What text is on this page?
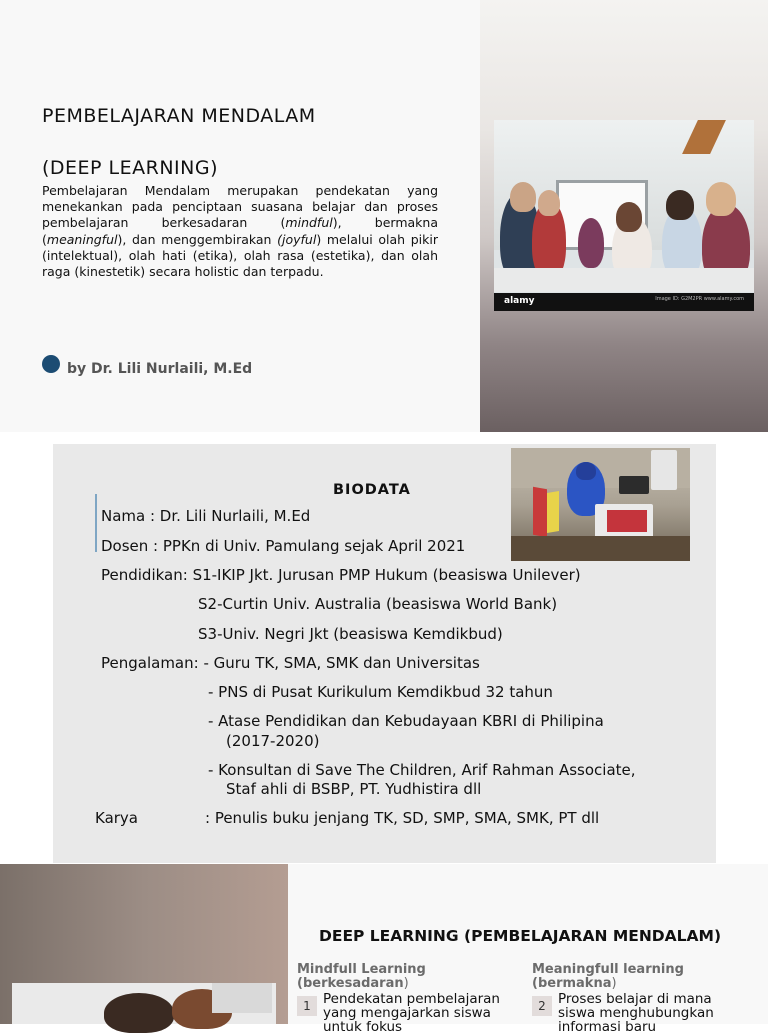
PEMBELAJARAN MENDALAM
(DEEP LEARNING)

Pembelajaran Mendalam merupakan pendekatan yang menekankan pada penciptaan suasana belajar dan proses pembelajaran berkesadaran (mindful), bermakna (meaningful), dan menggembirakan (joyful) melalui olah pikir (intelektual), olah hati (etika), olah rasa (estetika), dan olah raga (kinestetik) secara holistic dan terpadu.

by Dr. Lili Nurlaili, M.Ed
alamy	Image ID: G2M2PR www.alamy.com
BIODATA
Nama : Dr. Lili Nurlaili, M.Ed
Dosen : PPKn di Univ. Pamulang sejak April 2021
Pendidikan: S1-IKIP Jkt. Jurusan PMP Hukum (beasiswa Unilever)
S2-Curtin Univ. Australia (beasiswa World Bank)
S3-Univ. Negri Jkt (beasiswa Kemdikbud)
Pengalaman: - Guru TK, SMA, SMK dan Universitas
- PNS di Pusat Kurikulum Kemdikbud 32 tahun
- Atase Pendidikan dan Kebudayaan KBRI di Philipina
(2017-2020)
- Konsultan di Save The Children, Arif Rahman Associate,
Staf ahli di BSBP, PT. Yudhistira dll
Karya	: Penulis buku jenjang TK, SD, SMP, SMA, SMK, PT dll
DEEP LEARNING (PEMBELAJARAN MENDALAM)
Mindfull Learning (berkesadaran)
1 Pendekatan pembelajaran yang mengajarkan siswa untuk fokus
Meaningfull learning (bermakna)
2 Proses belajar di mana siswa menghubungkan informasi baru
